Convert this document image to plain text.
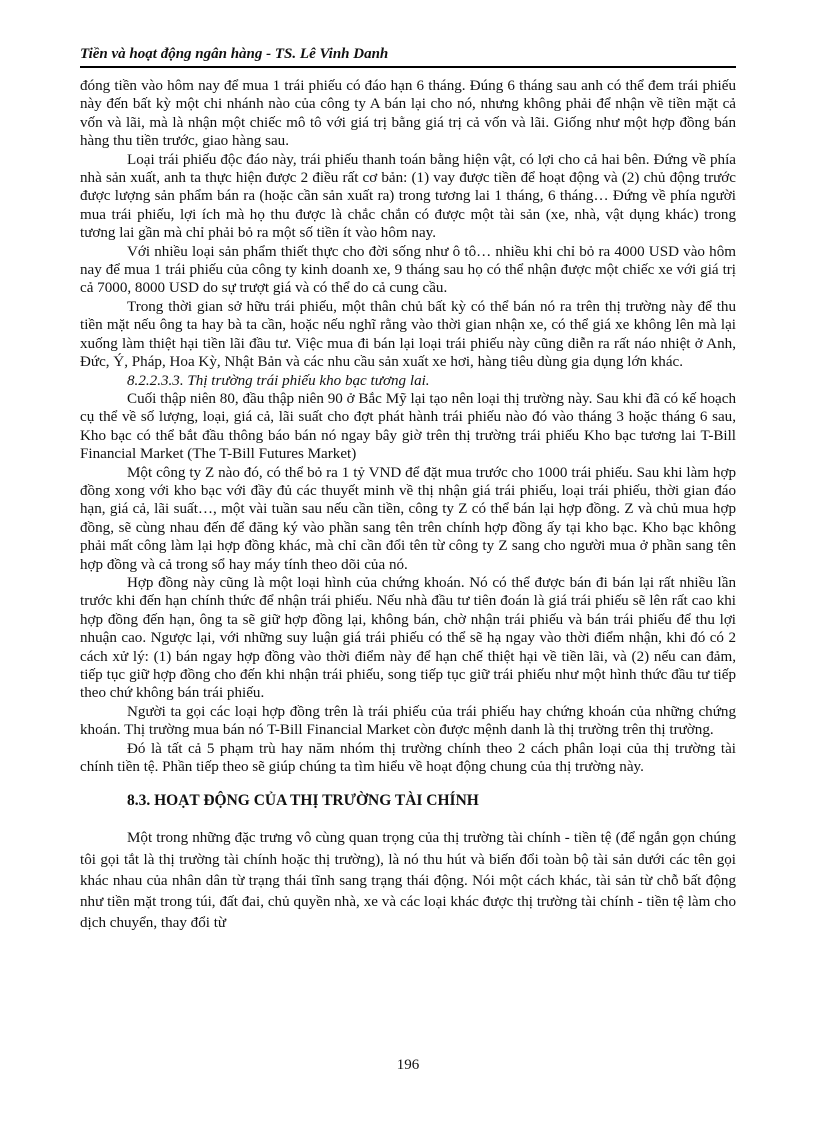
Tiền và hoạt động ngân hàng - TS. Lê Vinh Danh

đóng tiền vào hôm nay để mua 1 trái phiếu có đáo hạn 6 tháng. Đúng 6 tháng sau anh có thể đem trái phiếu này đến bất kỳ một chi nhánh nào của công ty A bán lại cho nó, nhưng không phải để nhận về tiền mặt cả vốn và lãi, mà là nhận một chiếc mô tô với giá trị bằng giá trị cả vốn và lãi. Giống như một hợp đồng bán hàng thu tiền trước, giao hàng sau.

Loại trái phiếu độc đáo này, trái phiếu thanh toán bằng hiện vật, có lợi cho cả hai bên. Đứng về phía nhà sản xuất, anh ta thực hiện được 2 điều rất cơ bản: (1) vay được tiền để hoạt động và (2) chủ động trước được lượng sản phẩm bán ra (hoặc cần sản xuất ra) trong tương lai 1 tháng, 6 tháng… Đứng về phía người mua trái phiếu, lợi ích mà họ thu được là chắc chắn có được một tài sản (xe, nhà, vật dụng khác) trong tương lai gần mà chỉ phải bỏ ra một số tiền ít vào hôm nay.

Với nhiều loại sản phẩm thiết thực cho đời sống như ô tô… nhiều khi chỉ bỏ ra 4000 USD vào hôm nay để mua 1 trái phiếu của công ty kinh doanh xe, 9 tháng sau họ có thể nhận được một chiếc xe với giá trị cả 7000, 8000 USD do sự trượt giá và có thể do cả cung cầu.

Trong thời gian sở hữu trái phiếu, một thân chủ bất kỳ có thể bán nó ra trên thị trường này để thu tiền mặt nếu ông ta hay bà ta cần, hoặc nếu nghĩ rằng vào thời gian nhận xe, có thể giá xe không lên mà lại xuống làm thiệt hại tiền lãi đầu tư. Việc mua đi bán lại loại trái phiếu này cũng diễn ra rất náo nhiệt ở Anh, Đức, Ý, Pháp, Hoa Kỳ, Nhật Bản và các nhu cầu sản xuất xe hơi, hàng tiêu dùng gia dụng lớn khác.

8.2.2.3.3. Thị trường trái phiếu kho bạc tương lai.

Cuối thập niên 80, đầu thập niên 90 ở Bắc Mỹ lại tạo nên loại thị trường này. Sau khi đã có kế hoạch cụ thể về số lượng, loại, giá cả, lãi suất cho đợt phát hành trái phiếu nào đó vào tháng 3 hoặc tháng 6 sau, Kho bạc có thể bắt đầu thông báo bán nó ngay bây giờ trên thị trường trái phiếu Kho bạc tương lai T-Bill Financial Market (The T-Bill Futures Market)

Một công ty Z nào đó, có thể bỏ ra 1 tỷ VND để đặt mua trước cho 1000 trái phiếu. Sau khi làm hợp đồng xong với kho bạc với đầy đủ các thuyết minh về thị nhận giá trái phiếu, loại trái phiếu, thời gian đáo hạn, giá cả, lãi suất…, một vài tuần sau nếu cần tiền, công ty Z có thể bán lại hợp đồng. Z và chủ mua hợp đồng, sẽ cùng nhau đến để đăng ký vào phần sang tên trên chính hợp đồng ấy tại kho bạc. Kho bạc không phải mất công làm lại hợp đồng khác, mà chỉ cần đổi tên từ công ty Z sang cho người mua ở phần sang tên hợp đồng và cả trong sổ hay máy tính theo dõi của nó.

Hợp đồng này cũng là một loại hình của chứng khoán. Nó có thể được bán đi bán lại rất nhiều lần trước khi đến hạn chính thức để nhận trái phiếu. Nếu nhà đầu tư tiên đoán là giá trái phiếu sẽ lên rất cao khi hợp đồng đến hạn, ông ta sẽ giữ hợp đồng lại, không bán, chờ nhận trái phiếu và bán trái phiếu để thu lợi nhuận cao. Ngược lại, với những suy luận giá trái phiếu có thể sẽ hạ ngay vào thời điểm nhận, khi đó có 2 cách xử lý: (1) bán ngay hợp đồng vào thời điểm này để hạn chế thiệt hại về tiền lãi, và (2) nếu can đảm, tiếp tục giữ hợp đồng cho đến khi nhận trái phiếu, song tiếp tục giữ trái phiếu như một hình thức đầu tư tiếp theo chứ không bán trái phiếu.

Người ta gọi các loại hợp đồng trên là trái phiếu của trái phiếu hay chứng khoán của những chứng khoán. Thị trường mua bán nó T-Bill Financial Market còn được mệnh danh là thị trường trên thị trường.

Đó là tất cả 5 phạm trù hay năm nhóm thị trường chính theo 2 cách phân loại của thị trường tài chính tiền tệ. Phần tiếp theo sẽ giúp chúng ta tìm hiểu về hoạt động chung của thị trường này.

8.3. HOẠT ĐỘNG CỦA THỊ TRƯỜNG TÀI CHÍNH

Một trong những đặc trưng vô cùng quan trọng của thị trường tài chính - tiền tệ (để ngắn gọn chúng tôi gọi tắt là thị trường tài chính hoặc thị trường), là nó thu hút và biến đổi toàn bộ tài sản dưới các tên gọi khác nhau của nhân dân từ trạng thái tĩnh sang trạng thái động. Nói một cách khác, tài sản từ chỗ bất động như tiền mặt trong túi, đất đai, chủ quyền nhà, xe và các loại khác được thị trường tài chính - tiền tệ làm cho dịch chuyển, thay đổi từ

196
